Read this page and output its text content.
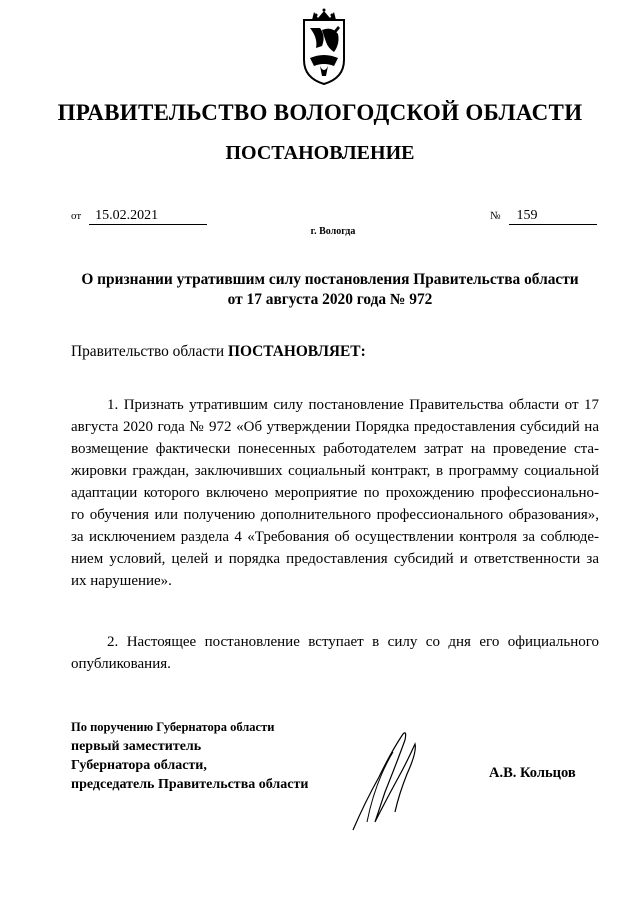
ПРАВИТЕЛЬСТВО ВОЛОГОДСКОЙ ОБЛАСТИ
ПОСТАНОВЛЕНИЕ
от 15.02.2021	№ 159
г. Вологда
О признании утратившим силу постановления Правительства области
от 17 августа 2020 года № 972
Правительство области ПОСТАНОВЛЯЕТ:
1. Признать утратившим силу постановление Правительства области от 17
августа 2020 года № 972 «Об утверждении Порядка предоставления субсидий на
возмещение фактически понесенных работодателем затрат на проведение ста-
жировки граждан, заключивших социальный контракт, в программу социальной
адаптации которого включено мероприятие по прохождению профессионально-
го обучения или получению дополнительного профессионального образования»,
за исключением раздела 4 «Требования об осуществлении контроля за соблюде-
нием условий, целей и порядка предоставления субсидий и ответственности за
их нарушение».
2. Настоящее постановление вступает в силу со дня его официального
опубликования.
По поручению Губернатора области
первый заместитель
Губернатора области,
председатель Правительства области
А.В. Кольцов
